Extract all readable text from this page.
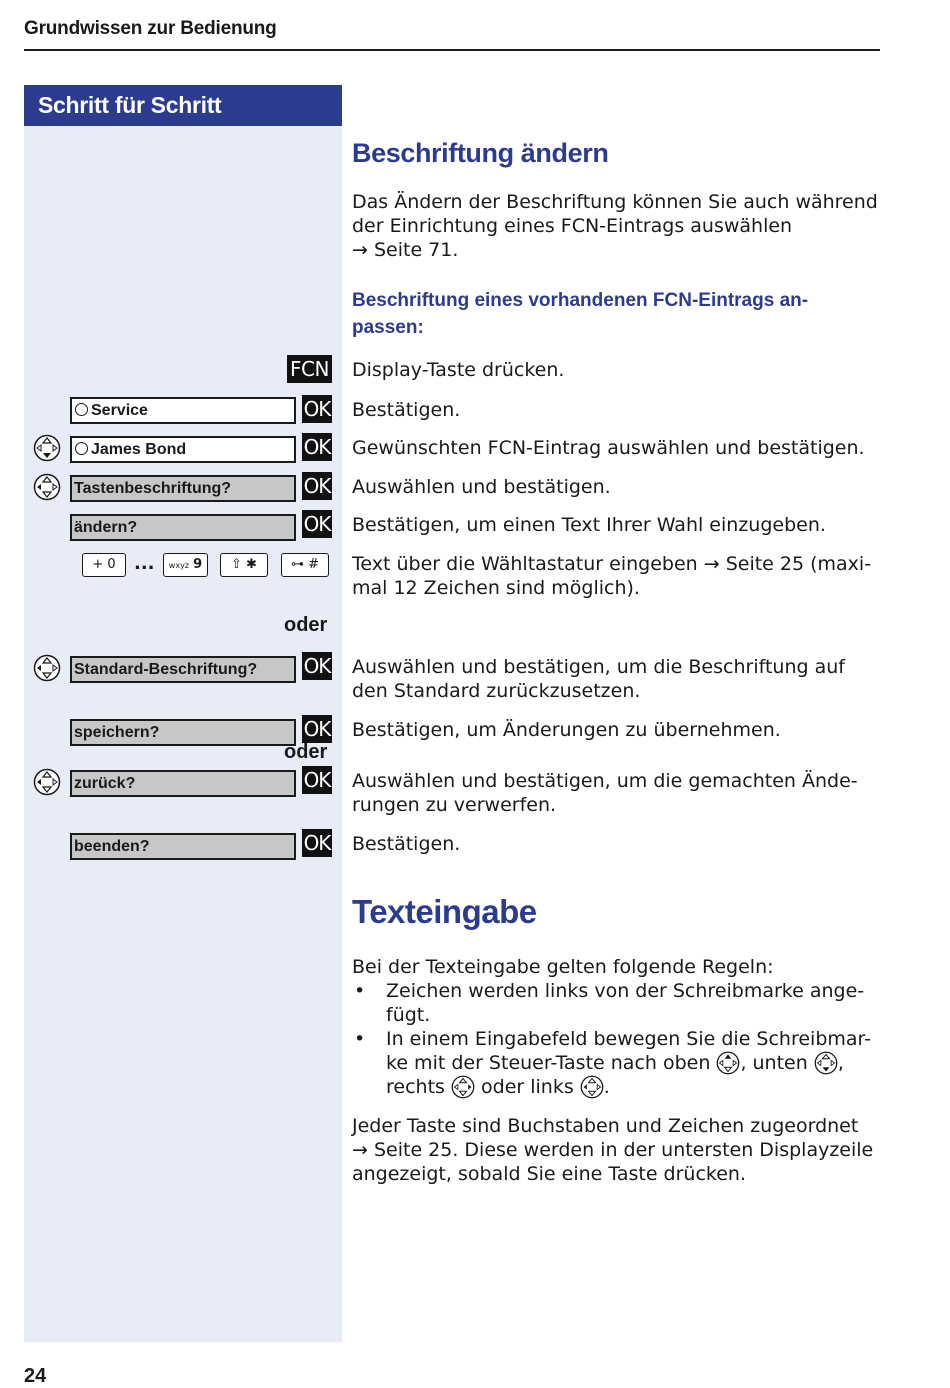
Grundwissen zur Bedienung
Schritt für Schritt
Beschriftung ändern
Das Ändern der Beschriftung können Sie auch während
der Einrichtung eines FCN-Eintrags auswählen
→ Seite 71.
Beschriftung eines vorhandenen FCN-Eintrags an-
passen:
FCN Display-Taste drücken.
Service	OK Bestätigen.
James Bond	OK Gewünschten FCN-Eintrag auswählen und bestätigen.
Tastenbeschriftung?	OK Auswählen und bestätigen.
ändern?	OK Bestätigen, um einen Text Ihrer Wahl einzugeben.
+ 0	...	wxyz 9	⇧ ✱	⊶ #	Text über die Wähltastatur eingeben → Seite 25 (maxi-
mal 12 Zeichen sind möglich).
oder
Standard-Beschriftung?	OK Auswählen und bestätigen, um die Beschriftung auf
den Standard zurückzusetzen.
speichern?	OK Bestätigen, um Änderungen zu übernehmen.
oder
zurück?	OK Auswählen und bestätigen, um die gemachten Ände-
rungen zu verwerfen.
beenden?	OK Bestätigen.
Texteingabe
Bei der Texteingabe gelten folgende Regeln:
• Zeichen werden links von der Schreibmarke ange-
fügt.
• In einem Eingabefeld bewegen Sie die Schreibmar-
ke mit der Steuer-Taste nach oben , unten ,
rechts oder links .
Jeder Taste sind Buchstaben und Zeichen zugeordnet
→ Seite 25. Diese werden in der untersten Displayzeile
angezeigt, sobald Sie eine Taste drücken.
24
